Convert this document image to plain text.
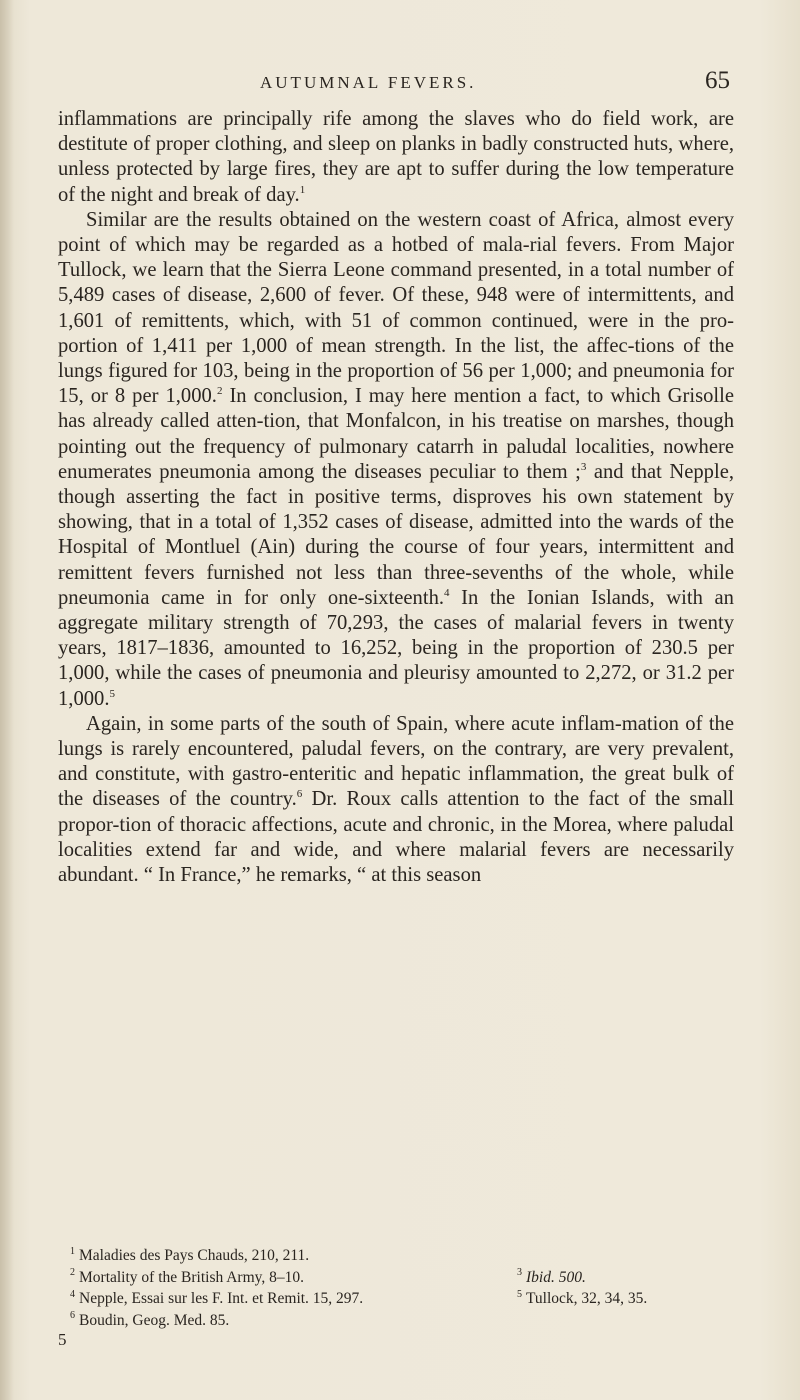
AUTUMNAL FEVERS.	65

inflammations are principally rife among the slaves who do field work, are destitute of proper clothing, and sleep on planks in badly constructed huts, where, unless protected by large fires, they are apt to suffer during the low temperature of the night and break of day.$^1$

Similar are the results obtained on the western coast of Africa, almost every point of which may be regarded as a hotbed of mala-rial fevers. From Major Tullock, we learn that the Sierra Leone command presented, in a total number of 5,489 cases of disease, 2,600 of fever. Of these, 948 were of intermittents, and 1,601 of remittents, which, with 51 of common continued, were in the pro-portion of 1,411 per 1,000 of mean strength. In the list, the affec-tions of the lungs figured for 103, being in the proportion of 56 per 1,000; and pneumonia for 15, or 8 per 1,000.$^2$ In conclusion, I may here mention a fact, to which Grisolle has already called atten-tion, that Monfalcon, in his treatise on marshes, though pointing out the frequency of pulmonary catarrh in paludal localities, nowhere enumerates pneumonia among the diseases peculiar to them ;$^3$ and that Nepple, though asserting the fact in positive terms, disproves his own statement by showing, that in a total of 1,352 cases of disease, admitted into the wards of the Hospital of Montluel (Ain) during the course of four years, intermittent and remittent fevers furnished not less than three-sevenths of the whole, while pneumonia came in for only one-sixteenth.$^4$ In the Ionian Islands, with an aggregate military strength of 70,293, the cases of malarial fevers in twenty years, 1817–1836, amounted to 16,252, being in the proportion of 230.5 per 1,000, while the cases of pneumonia and pleurisy amounted to 2,272, or 31.2 per 1,000.$^5$

Again, in some parts of the south of Spain, where acute inflam-mation of the lungs is rarely encountered, paludal fevers, on the contrary, are very prevalent, and constitute, with gastro-enteritic and hepatic inflammation, the great bulk of the diseases of the country.$^6$ Dr. Roux calls attention to the fact of the small propor-tion of thoracic affections, acute and chronic, in the Morea, where paludal localities extend far and wide, and where malarial fevers are necessarily abundant. “ In France,” he remarks, “ at this season

$^1$ Maladies des Pays Chauds, 210, 211.
$^2$ Mortality of the British Army, 8–10.	$^3$ Ibid. 500.
$^4$ Nepple, Essai sur les F. Int. et Remit. 15, 297.	$^5$ Tullock, 32, 34, 35.
$^6$ Boudin, Geog. Med. 85.
5
